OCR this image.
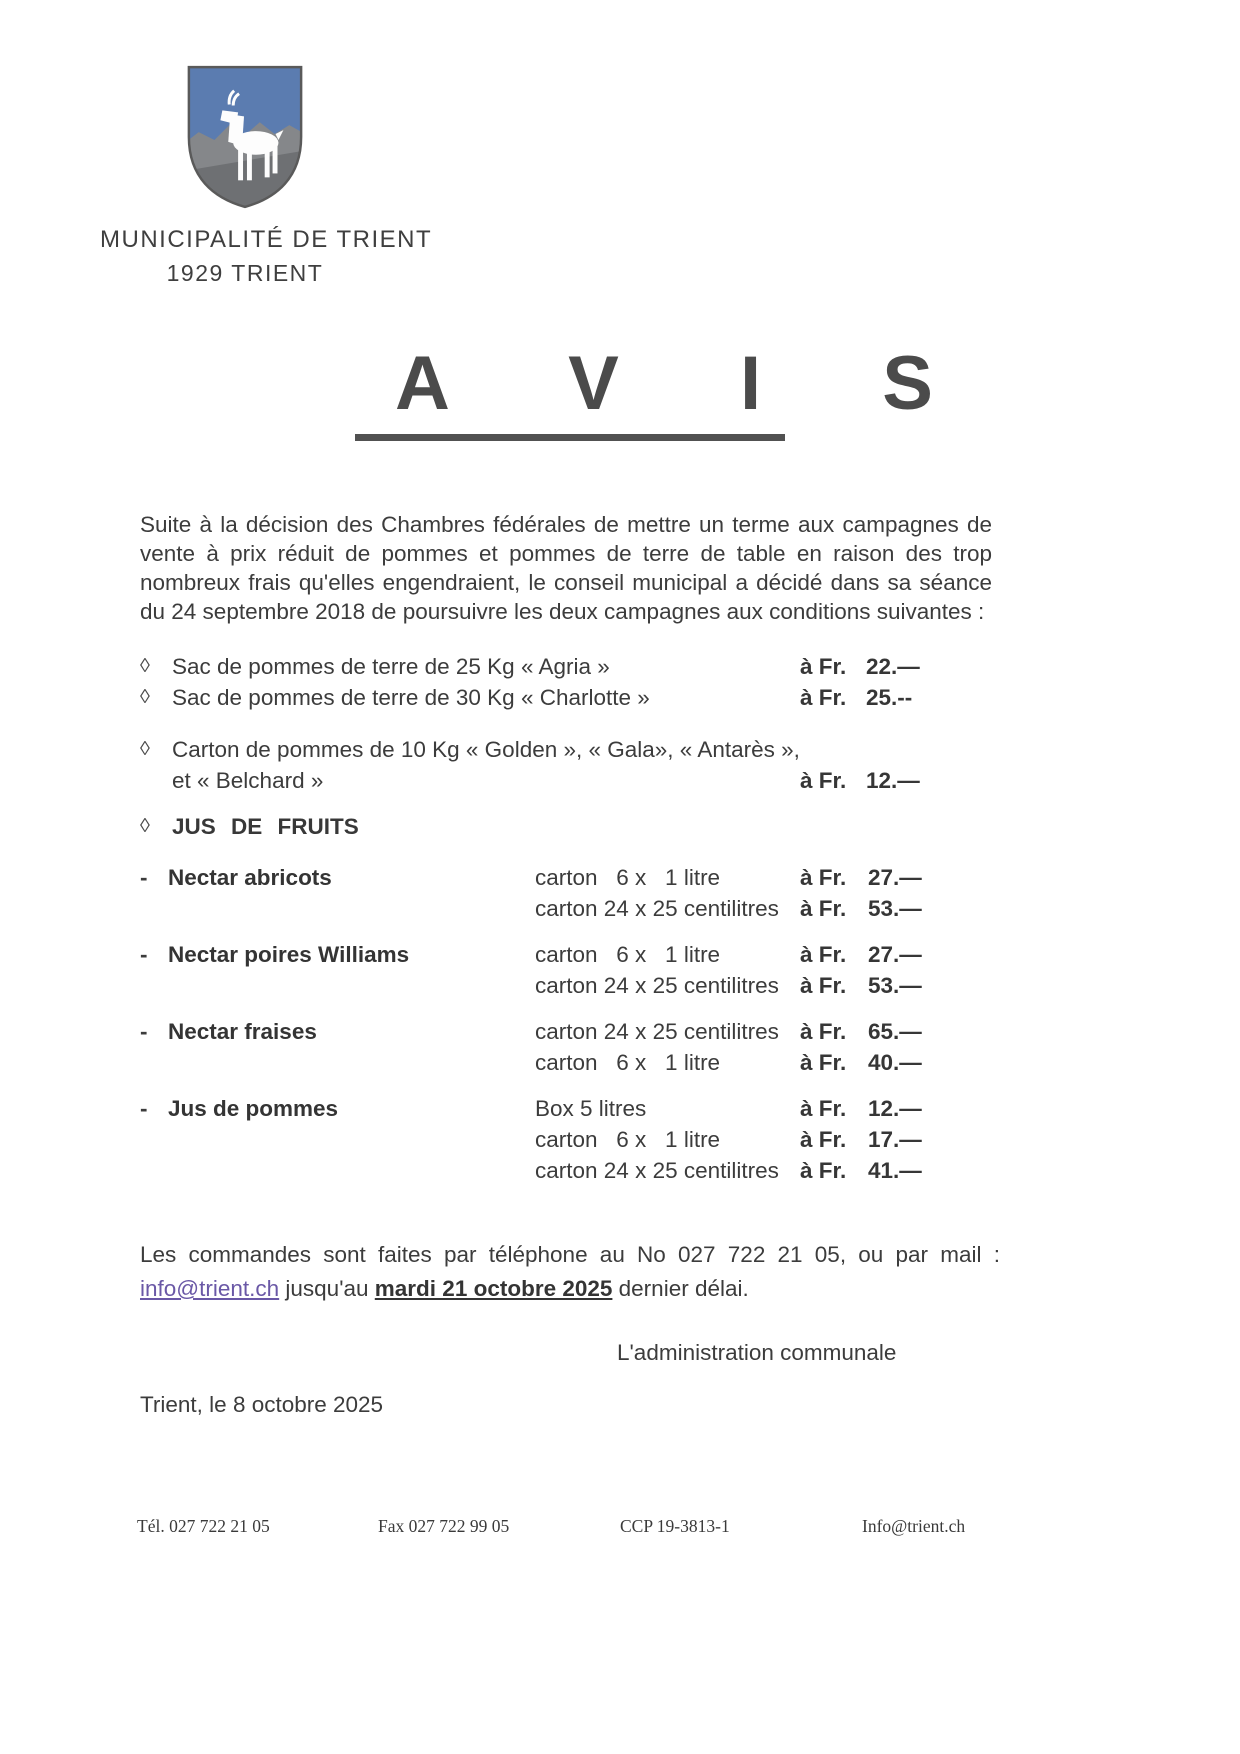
MUNICIPALITÉ DE TRIENT
1929 TRIENT
A V I S

Suite à la décision des Chambres fédérales de mettre un terme aux campagnes de vente à prix réduit de pommes et pommes de terre de table en raison des trop nombreux frais qu'elles engendraient, le conseil municipal a décidé dans sa séance du 24 septembre 2018 de poursuivre les deux campagnes aux conditions suivantes :

◊ Sac de pommes de terre de 25 Kg « Agria »	à Fr. 22.—
◊ Sac de pommes de terre de 30 Kg « Charlotte »	à Fr. 25.--
◊ Carton de pommes de 10 Kg « Golden », « Gala», « Antarès »,
et « Belchard »	à Fr. 12.—
◊ JUS DE FRUITS
- Nectar abricots	carton   6 x   1 litre	à Fr. 27.—
carton 24 x 25 centilitres à Fr. 53.—
- Nectar poires Williams	carton   6 x   1 litre	à Fr. 27.—
carton 24 x 25 centilitres à Fr. 53.—
- Nectar fraises	carton 24 x 25 centilitres à Fr. 65.—
carton   6 x   1 litre	à Fr. 40.—
- Jus de pommes	Box 5 litres	à Fr. 12.—
carton   6 x   1 litre	à Fr. 17.—
carton 24 x 25 centilitres à Fr. 41.—
Les commandes sont faites par téléphone au No 027 722 21 05, ou par mail :
info@trient.ch jusqu'au mardi 21 octobre 2025 dernier délai.
L'administration communale
Trient, le 8 octobre 2025
Tél. 027 722 21 05	Fax 027 722 99 05	CCP 19-3813-1	Info@trient.ch
